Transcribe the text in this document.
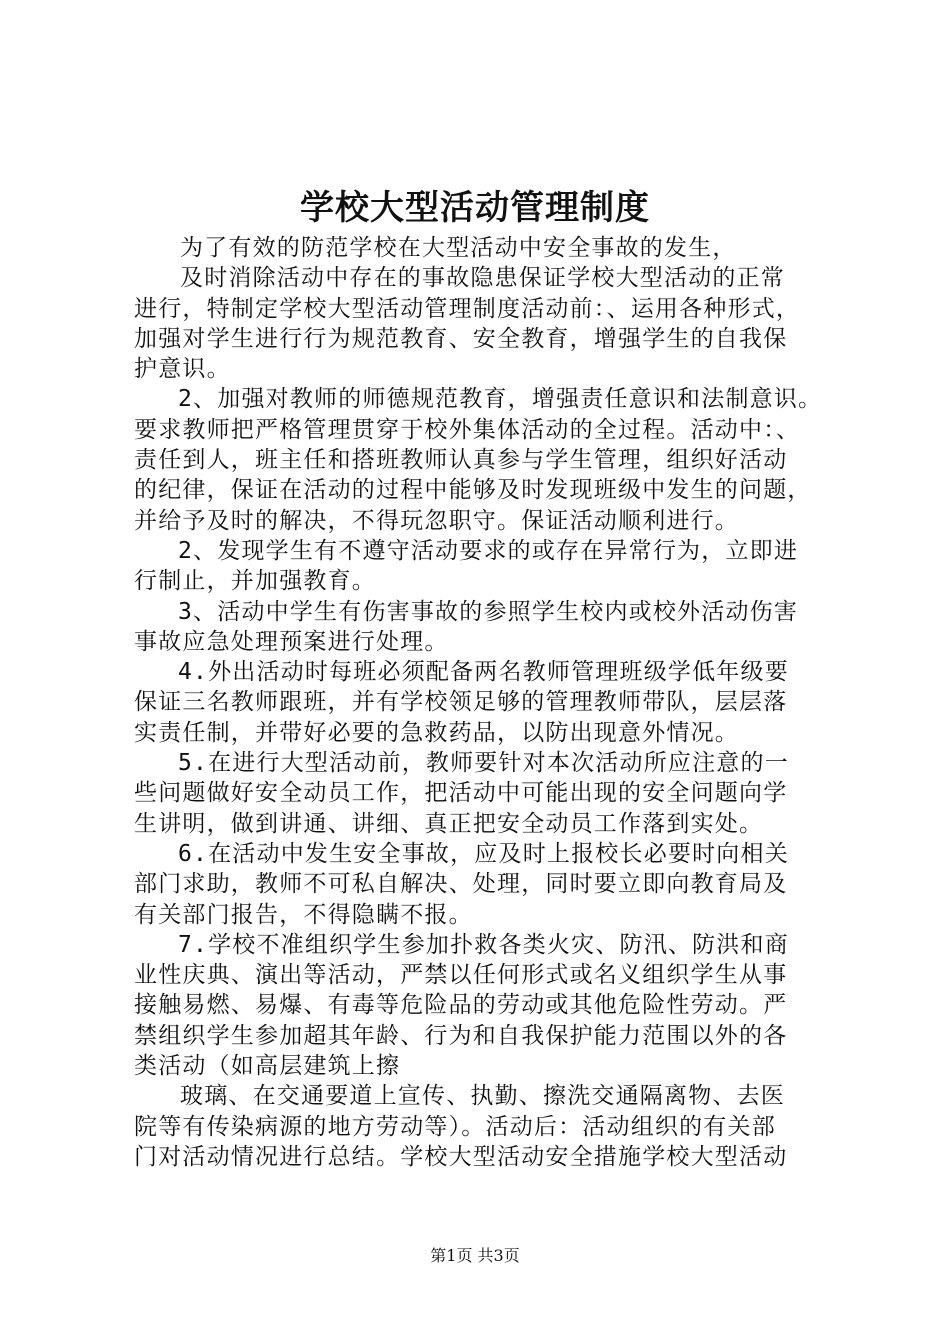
学校大型活动管理制度
为了有效的防范学校在大型活动中安全事故的发生，
及时消除活动中存在的事故隐患保证学校大型活动的正常
进行，特制定学校大型活动管理制度活动前：、运用各种形式，
加强对学生进行行为规范教育、安全教育，增强学生的自我保
护意识。
2、加强对教师的师德规范教育，增强责任意识和法制意识。
要求教师把严格管理贯穿于校外集体活动的全过程。活动中：、
责任到人，班主任和搭班教师认真参与学生管理，组织好活动
的纪律，保证在活动的过程中能够及时发现班级中发生的问题，
并给予及时的解决，不得玩忽职守。保证活动顺利进行。
2、发现学生有不遵守活动要求的或存在异常行为，立即进
行制止，并加强教育。
3、活动中学生有伤害事故的参照学生校内或校外活动伤害
事故应急处理预案进行处理。
4.外出活动时每班必须配备两名教师管理班级学低年级要
保证三名教师跟班，并有学校领足够的管理教师带队，层层落
实责任制，并带好必要的急救药品，以防出现意外情况。
5.在进行大型活动前，教师要针对本次活动所应注意的一
些问题做好安全动员工作，把活动中可能出现的安全问题向学
生讲明，做到讲通、讲细、真正把安全动员工作落到实处。
6.在活动中发生安全事故，应及时上报校长必要时向相关
部门求助，教师不可私自解决、处理，同时要立即向教育局及
有关部门报告，不得隐瞒不报。
7.学校不准组织学生参加扑救各类火灾、防汛、防洪和商
业性庆典、演出等活动，严禁以任何形式或名义组织学生从事
接触易燃、易爆、有毒等危险品的劳动或其他危险性劳动。严
禁组织学生参加超其年龄、行为和自我保护能力范围以外的各
类活动（如高层建筑上擦
玻璃、在交通要道上宣传、执勤、擦洗交通隔离物、去医
院等有传染病源的地方劳动等）。活动后：活动组织的有关部
门对活动情况进行总结。学校大型活动安全措施学校大型活动
第1页 共3页
